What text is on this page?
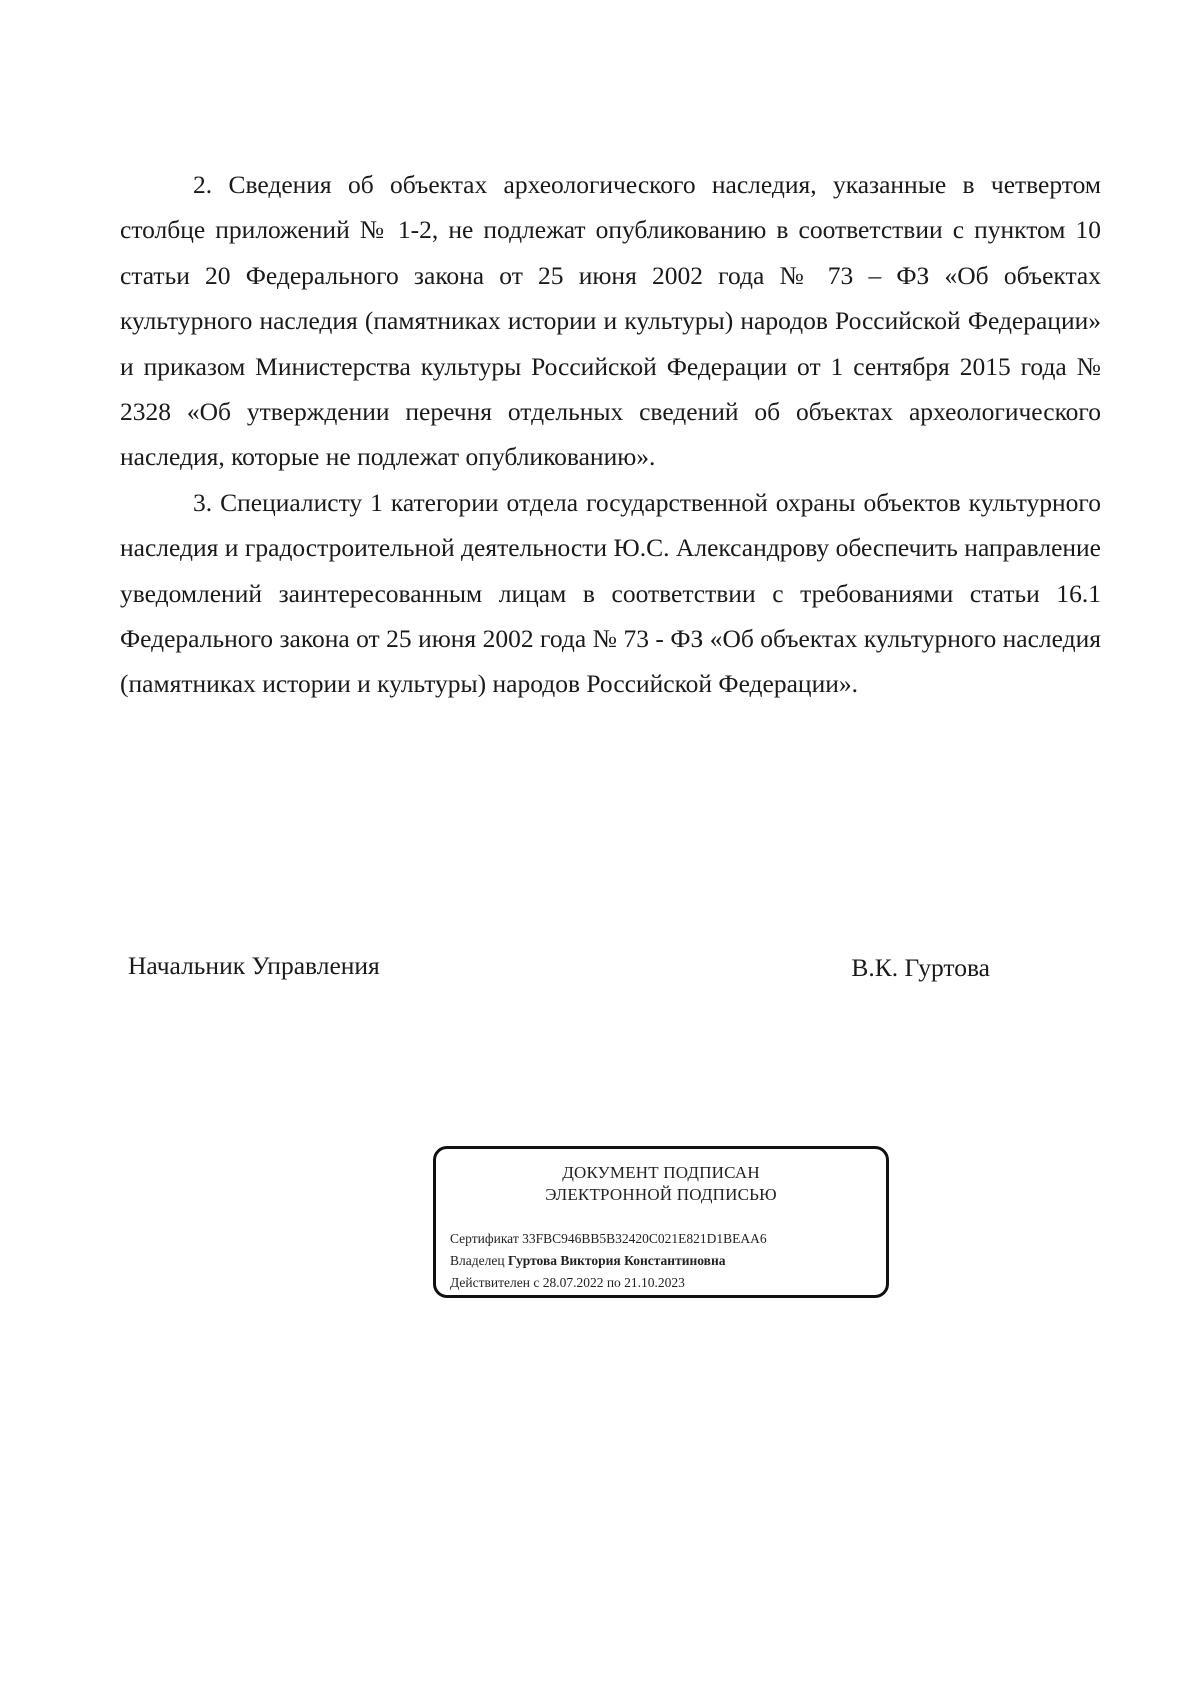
2. Сведения об объектах археологического наследия, указанные в четвертом столбце приложений № 1-2, не подлежат опубликованию в соответствии с пунктом 10 статьи 20 Федерального закона от 25 июня 2002 года № 73 – ФЗ «Об объектах культурного наследия (памятниках истории и культуры) народов Российской Федерации» и приказом Министерства культуры Российской Федерации от 1 сентября 2015 года № 2328 «Об утверждении перечня отдельных сведений об объектах археологического наследия, которые не подлежат опубликованию».

3. Специалисту 1 категории отдела государственной охраны объектов культурного наследия и градостроительной деятельности Ю.С. Александрову обеспечить направление уведомлений заинтересованным лицам в соответствии с требованиями статьи 16.1 Федерального закона от 25 июня 2002 года № 73 - ФЗ «Об объектах культурного наследия (памятниках истории и культуры) народов Российской Федерации».

Начальник Управления	В.К. Гуртова
ДОКУМЕНТ ПОДПИСАН
ЭЛЕКТРОННОЙ ПОДПИСЬЮ
Сертификат 33FBC946BB5B32420C021E821D1BEAA6
Владелец Гуртова Виктория Константиновна
Действителен с 28.07.2022 по 21.10.2023
